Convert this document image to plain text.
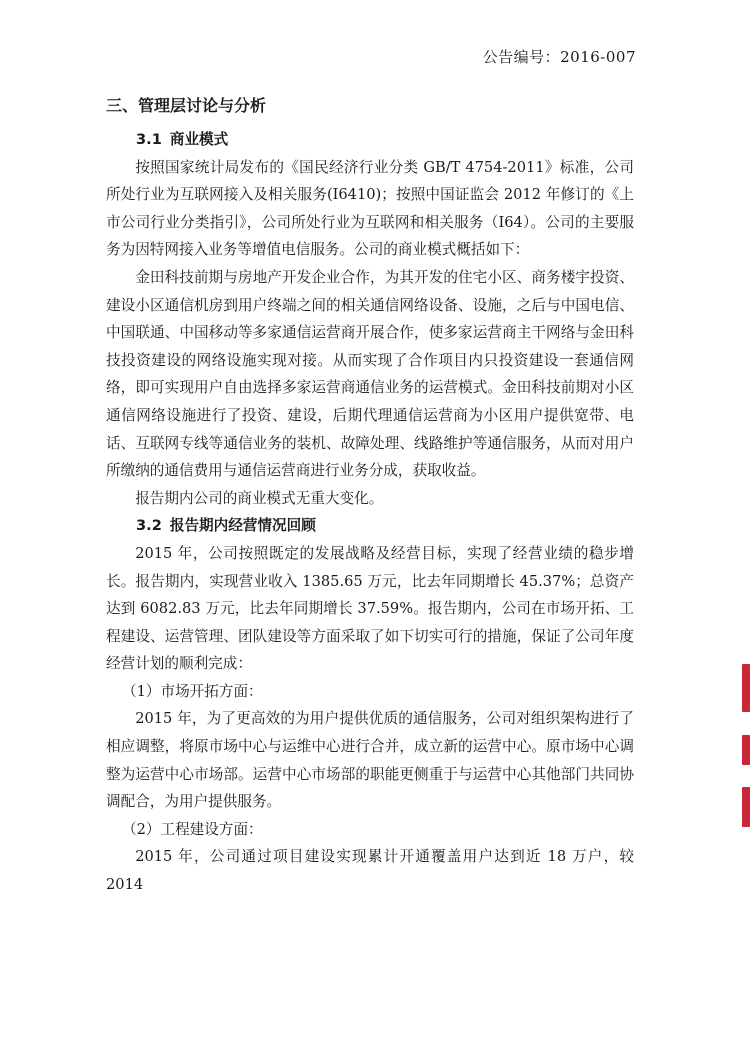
公告编号：2016-007
三、管理层讨论与分析

3.1 商业模式

按照国家统计局发布的《国民经济行业分类 GB/T 4754-2011》标准，公司所处行业为互联网接入及相关服务(I6410)；按照中国证监会 2012 年修订的《上市公司行业分类指引》，公司所处行业为互联网和相关服务（I64）。公司的主要服务为因特网接入业务等增值电信服务。公司的商业模式概括如下：

金田科技前期与房地产开发企业合作，为其开发的住宅小区、商务楼宇投资、建设小区通信机房到用户终端之间的相关通信网络设备、设施，之后与中国电信、中国联通、中国移动等多家通信运营商开展合作，使多家运营商主干网络与金田科技投资建设的网络设施实现对接。从而实现了合作项目内只投资建设一套通信网络，即可实现用户自由选择多家运营商通信业务的运营模式。金田科技前期对小区通信网络设施进行了投资、建设，后期代理通信运营商为小区用户提供宽带、电话、互联网专线等通信业务的装机、故障处理、线路维护等通信服务，从而对用户所缴纳的通信费用与通信运营商进行业务分成，获取收益。

报告期内公司的商业模式无重大变化。

3.2 报告期内经营情况回顾

2015 年，公司按照既定的发展战略及经营目标，实现了经营业绩的稳步增长。报告期内，实现营业收入 1385.65 万元，比去年同期增长 45.37%；总资产达到 6082.83 万元，比去年同期增长 37.59%。报告期内，公司在市场开拓、工程建设、运营管理、团队建设等方面采取了如下切实可行的措施，保证了公司年度经营计划的顺利完成：

（1）市场开拓方面：

2015 年，为了更高效的为用户提供优质的通信服务，公司对组织架构进行了相应调整，将原市场中心与运维中心进行合并，成立新的运营中心。原市场中心调整为运营中心市场部。运营中心市场部的职能更侧重于与运营中心其他部门共同协调配合，为用户提供服务。

（2）工程建设方面：

2015 年，公司通过项目建设实现累计开通覆盖用户达到近 18 万户，较 2014
